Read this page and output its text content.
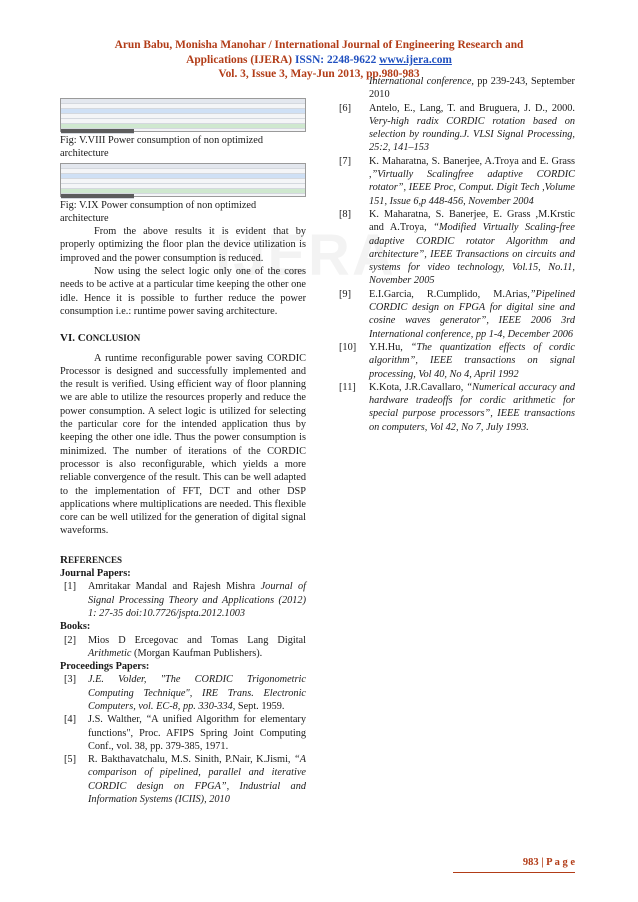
Arun Babu, Monisha Manohar / International Journal of Engineering Research and
Applications (IJERA) ISSN: 2248-9622 www.ijera.com
Vol. 3, Issue 3, May-Jun 2013, pp.980-983

Fig: V.VIII Power consumption of non optimized architecture

Fig: V.IX Power consumption of non optimized architecture

From the above results it is evident that by properly optimizing the floor plan the device utilization is improved and the power consumption is reduced.

Now using the select logic only one of the cores needs to be active at a particular time keeping the other one idle. Hence it is possible to further reduce the power consumption i.e.: runtime power saving architecture.

VI. CONCLUSION

A runtime reconfigurable power saving CORDIC Processor is designed and successfully implemented and the result is verified. Using efficient way of floor planning we are able to utilize the resources properly and reduce the power consumption. A select logic is utilized for selecting the particular core for the intended application thus by keeping the other one idle. Thus the power consumption is minimized. The number of iterations of the CORDIC processor is also reconfigurable, which yields a more reliable convergence of the result. This can be well adapted to the implementation of FFT, DCT and other DSP applications where multiplications are needed. This flexible core can be well utilized for the generation of digital signal waveforms.

REFERENCES
Journal Papers:
[1]	Amritakar Mandal and Rajesh Mishra Journal of Signal Processing Theory and Applications (2012) 1: 27-35 doi:10.7726/jspta.2012.1003
Books:
[2]	Mios D Ercegovac and Tomas Lang Digital Arithmetic (Morgan Kaufman Publishers).
Proceedings Papers:
[3]	J.E. Volder, "The CORDIC Trigonometric Computing Technique", IRE Trans. Electronic Computers, vol. EC-8, pp. 330-334, Sept. 1959.
[4]	J.S. Walther, “A unified Algorithm for elementary functions", Proc. AFIPS Spring Joint Computing Conf., vol. 38, pp. 379-385, 1971.
[5]	R. Bakthavatchalu, M.S. Sinith, P.Nair, K.Jismi, “A comparison of pipelined, parallel and iterative CORDIC design on FPGA”, Industrial and Information Systems (ICIIS), 2010
International conference, pp 239-243, September 2010
[6]	Antelo, E., Lang, T. and Bruguera, J. D., 2000. Very-high radix CORDIC rotation based on selection by rounding.J. VLSI Signal Processing, 25:2, 141–153
[7]	K. Maharatna, S. Banerjee, A.Troya and E. Grass ,”Virtually Scalingfree adaptive CORDIC rotator”, IEEE Proc, Comput. Digit Tech ,Volume 151, Issue 6,p 448-456, November 2004
[8]	K. Maharatna, S. Banerjee, E. Grass ,M.Krstic and A.Troya, “Modified Virtually Scaling-free adaptive CORDIC rotator Algorithm and architecture”, IEEE Transactions on circuits and systems for video technology, Vol.15, No.11, November 2005
[9]	E.I.Garcia, R.Cumplido, M.Arias,”Pipelined CORDIC design on FPGA for digital sine and cosine waves generator”, IEEE 2006 3rd International conference, pp 1-4, December 2006
[10]	Y.H.Hu, “The quantization effects of cordic algorithm”, IEEE transactions on signal processing, Vol 40, No 4, April 1992
[11]	K.Kota, J.R.Cavallaro, “Numerical accuracy and hardware tradeoffs for cordic arithmetic for special purpose processors”, IEEE transactions on computers, Vol 42, No 7, July 1993.
983 | P a g e
